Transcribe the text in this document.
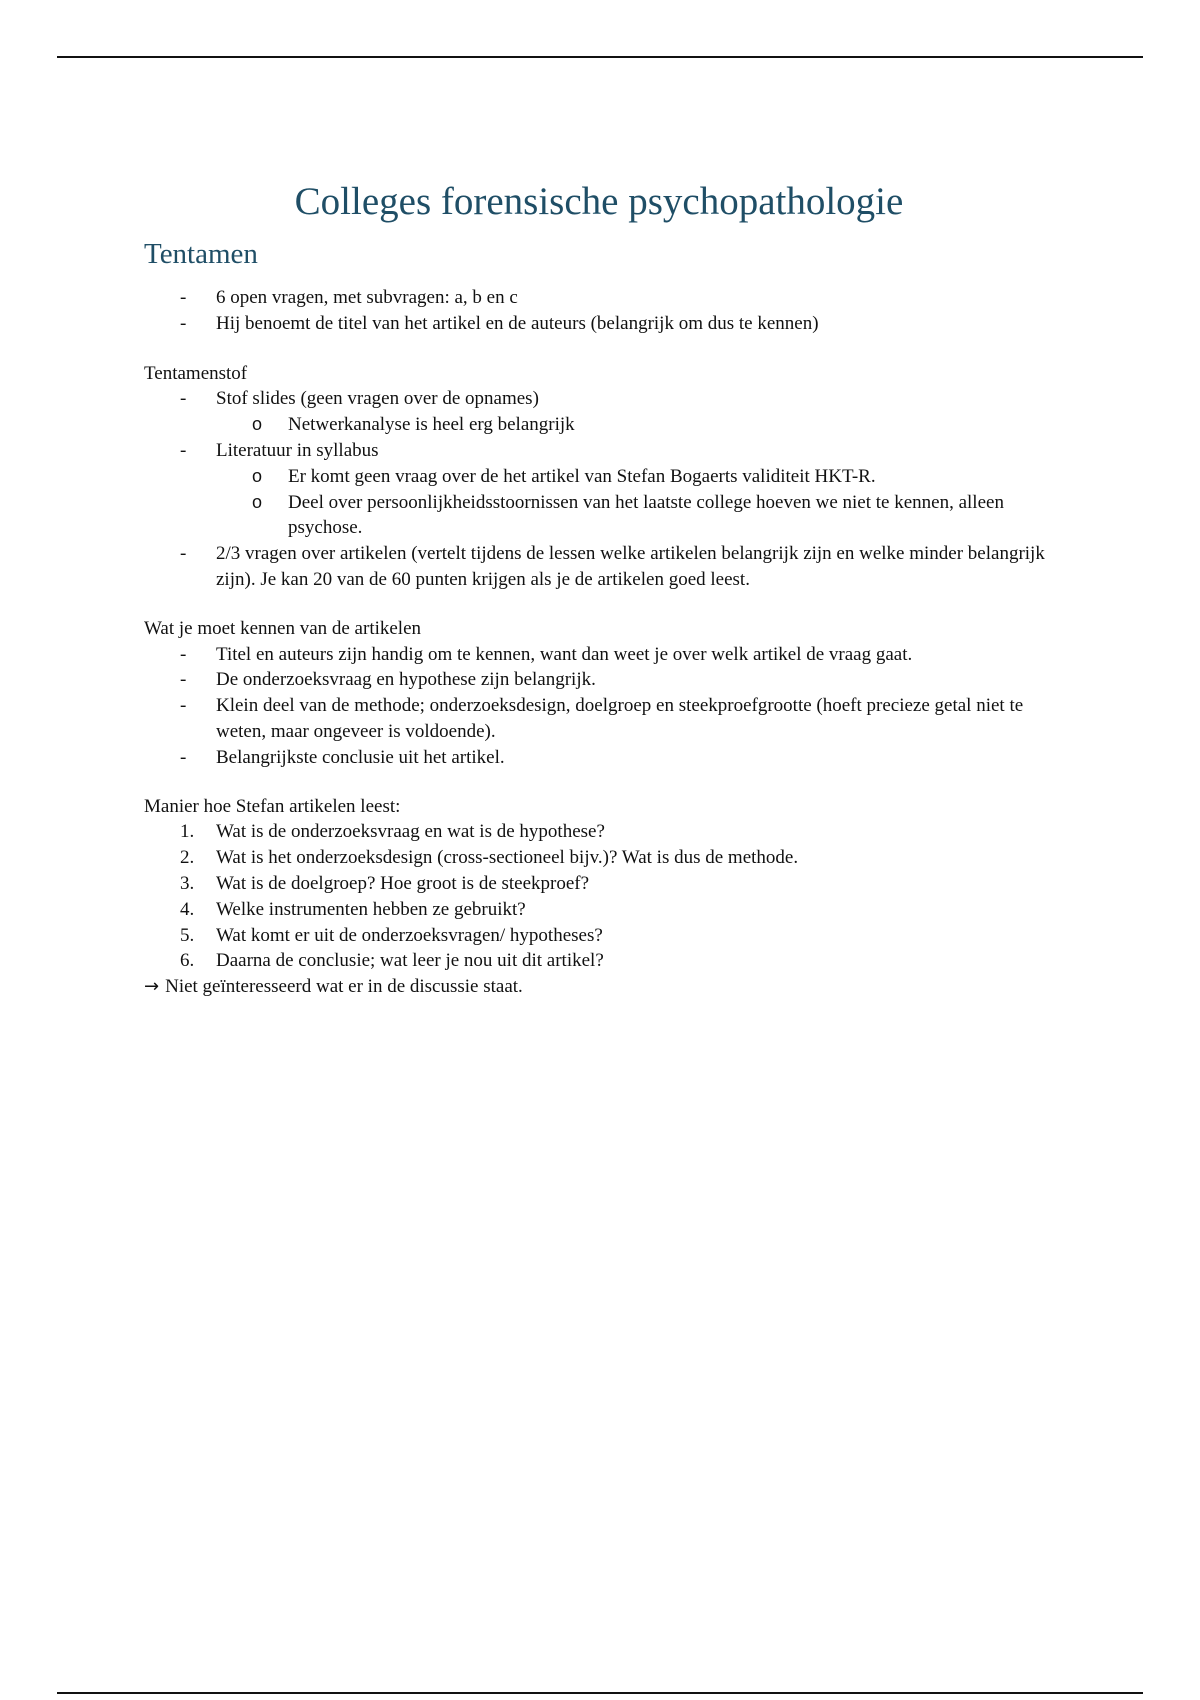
Colleges forensische psychopathologie
Tentamen
-	6 open vragen, met subvragen: a, b en c
-	Hij benoemt de titel van het artikel en de auteurs (belangrijk om dus te kennen)

Tentamenstof

-	Stof slides (geen vragen over de opnames)
o Netwerkanalyse is heel erg belangrijk
-	Literatuur in syllabus
o Er komt geen vraag over de het artikel van Stefan Bogaerts validiteit HKT-R.
o Deel over persoonlijkheidsstoornissen van het laatste college hoeven we niet te kennen, alleen psychose.
-	2/3 vragen over artikelen (vertelt tijdens de lessen welke artikelen belangrijk zijn en welke minder belangrijk zijn). Je kan 20 van de 60 punten krijgen als je de artikelen goed leest.

Wat je moet kennen van de artikelen

-	Titel en auteurs zijn handig om te kennen, want dan weet je over welk artikel de vraag gaat.
-	De onderzoeksvraag en hypothese zijn belangrijk.
-	Klein deel van de methode; onderzoeksdesign, doelgroep en steekproefgrootte (hoeft precieze getal niet te weten, maar ongeveer is voldoende).
-	Belangrijkste conclusie uit het artikel.

Manier hoe Stefan artikelen leest:

1.	Wat is de onderzoeksvraag en wat is de hypothese?
2.	Wat is het onderzoeksdesign (cross-sectioneel bijv.)? Wat is dus de methode.
3.	Wat is de doelgroep? Hoe groot is de steekproef?
4.	Welke instrumenten hebben ze gebruikt?
5.	Wat komt er uit de onderzoeksvragen/ hypotheses?
6.	Daarna de conclusie; wat leer je nou uit dit artikel?

→ Niet geïnteresseerd wat er in de discussie staat.
